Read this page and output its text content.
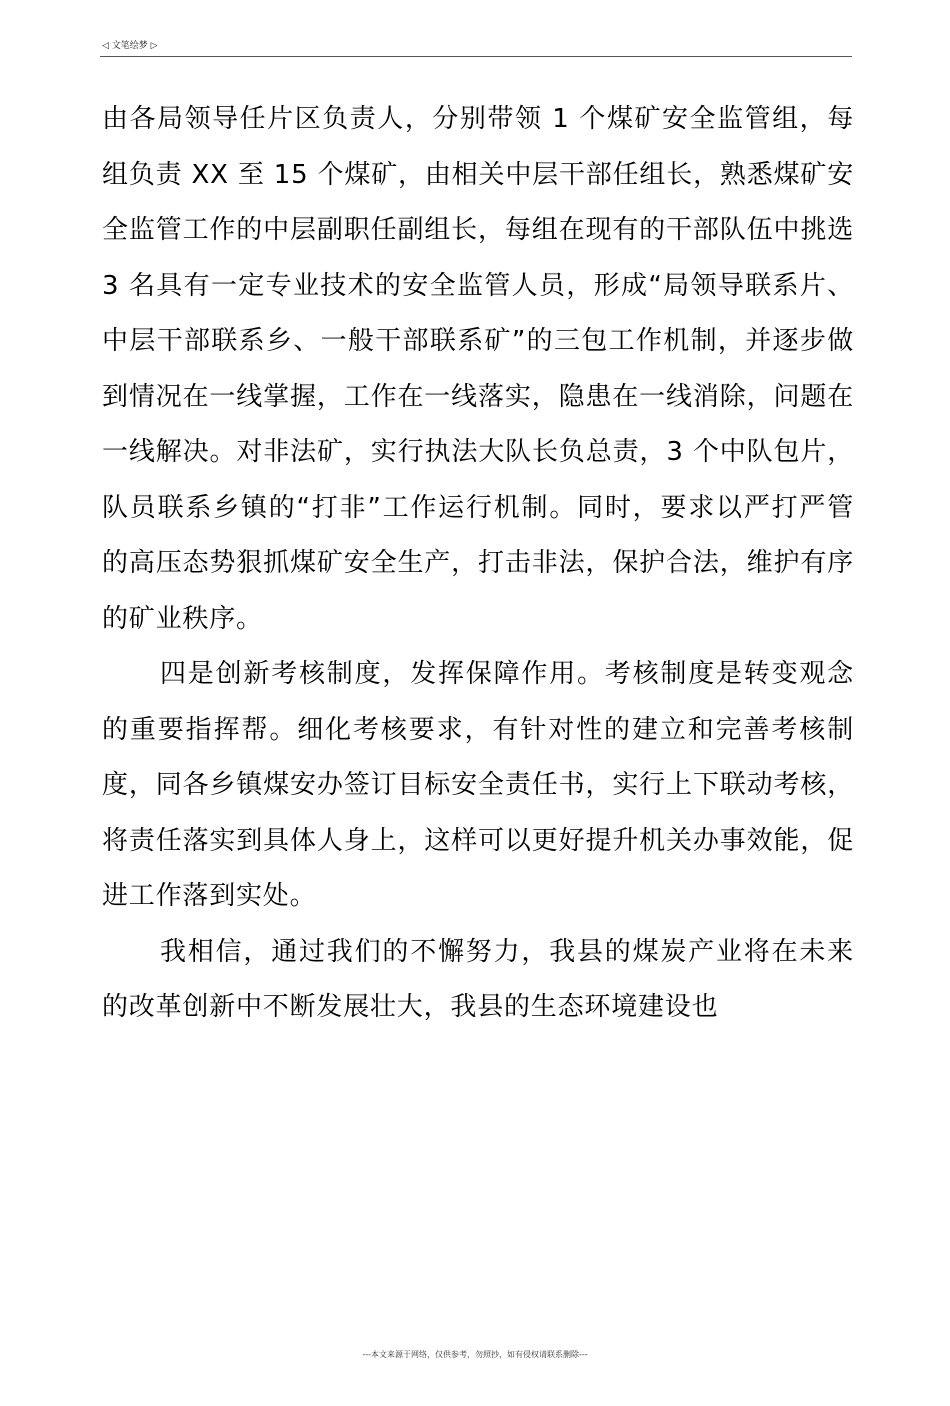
◁ 文笔绘梦 ▷

由各局领导任片区负责人，分别带领 1 个煤矿安全监管组，每组负责 XX 至 15 个煤矿，由相关中层干部任组长，熟悉煤矿安全监管工作的中层副职任副组长，每组在现有的干部队伍中挑选 3 名具有一定专业技术的安全监管人员，形成“局领导联系片、中层干部联系乡、一般干部联系矿”的三包工作机制，并逐步做到情况在一线掌握，工作在一线落实，隐患在一线消除，问题在一线解决。对非法矿，实行执法大队长负总责，3 个中队包片，队员联系乡镇的“打非”工作运行机制。同时，要求以严打严管的高压态势狠抓煤矿安全生产，打击非法，保护合法，维护有序的矿业秩序。

四是创新考核制度，发挥保障作用。考核制度是转变观念的重要指挥帮。细化考核要求，有针对性的建立和完善考核制度，同各乡镇煤安办签订目标安全责任书，实行上下联动考核，将责任落实到具体人身上，这样可以更好提升机关办事效能，促进工作落到实处。

我相信，通过我们的不懈努力，我县的煤炭产业将在未来的改革创新中不断发展壮大，我县的生态环境建设也

---本文来源于网络，仅供参考，勿照抄，如有侵权请联系删除---
